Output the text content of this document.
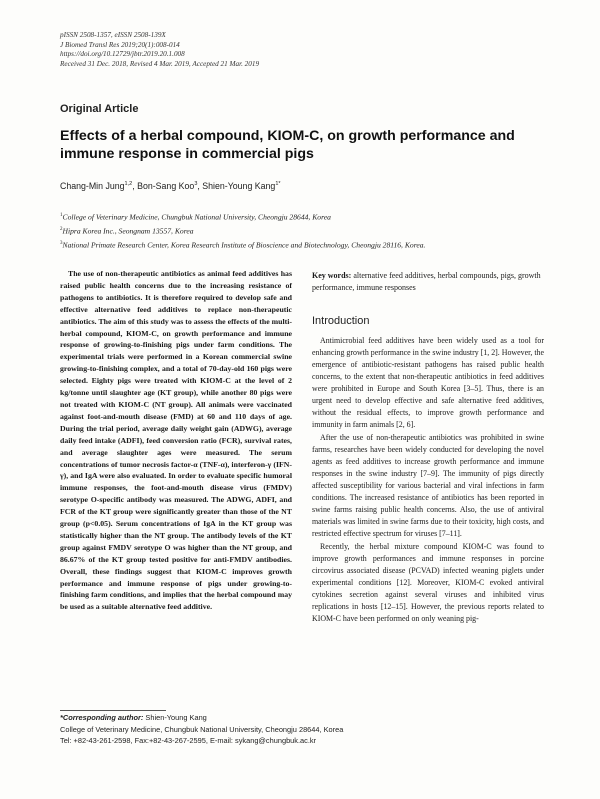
pISSN 2508-1357, eISSN 2508-139X
J Biomed Transl Res 2019;20(1):008-014
https://doi.org/10.12729/jbtr.2019.20.1.008
Received 31 Dec. 2018, Revised 4 Mar. 2019, Accepted 21 Mar. 2019
Original Article
Effects of a herbal compound, KIOM-C, on growth performance and immune response in commercial pigs
Chang-Min Jung$^{1,2}$, Bon-Sang Koo$^3$, Shien-Young Kang$^{1*}$
$^1$College of Veterinary Medicine, Chungbuk National University, Cheongju 28644, Korea
$^2$Hipra Korea Inc., Seongnam 13557, Korea
$^3$National Primate Research Center, Korea Research Institute of Bioscience and Biotechnology, Cheongju 28116, Korea.

The use of non-therapeutic antibiotics as animal feed additives has raised public health concerns due to the increasing resistance of pathogens to antibiotics. It is therefore required to develop safe and effective alternative feed additives to replace non-therapeutic antibiotics. The aim of this study was to assess the effects of the multi-herbal compound, KIOM-C, on growth performance and immune response of growing-to-finishing pigs under farm conditions. The experimental trials were performed in a Korean commercial swine growing-to-finishing complex, and a total of 70-day-old 160 pigs were selected. Eighty pigs were treated with KIOM-C at the level of 2 kg/tonne until slaughter age (KT group), while another 80 pigs were not treated with KIOM-C (NT group). All animals were vaccinated against foot-and-mouth disease (FMD) at 60 and 110 days of age. During the trial period, average daily weight gain (ADWG), average daily feed intake (ADFI), feed conversion ratio (FCR), survival rates, and average slaughter ages were measured. The serum concentrations of tumor necrosis factor-α (TNF-α), interferon-γ (IFN-γ), and IgA were also evaluated. In order to evaluate specific humoral immune responses, the foot-and-mouth disease virus (FMDV) serotype O-specific antibody was measured. The ADWG, ADFI, and FCR of the KT group were significantly greater than those of the NT group (p<0.05). Serum concentrations of IgA in the KT group was statistically higher than the NT group. The antibody levels of the KT group against FMDV serotype O was higher than the NT group, and 86.67% of the KT group tested positive for anti-FMDV antibodies. Overall, these findings suggest that KIOM-C improves growth performance and immune response of pigs under growing-to-finishing farm conditions, and implies that the herbal compound may be used as a suitable alternative feed additive.

Key words: alternative feed additives, herbal compounds, pigs, growth performance, immune responses
Introduction

Antimicrobial feed additives have been widely used as a tool for enhancing growth performance in the swine industry [1, 2]. However, the emergence of antibiotic-resistant pathogens has raised public health concerns, to the extent that non-therapeutic antibiotics in feed additives were prohibited in Europe and South Korea [3–5]. Thus, there is an urgent need to develop effective and safe alternative feed additives, without the residual effects, to improve growth performance and immunity in farm animals [2, 6].

After the use of non-therapeutic antibiotics was prohibited in swine farms, researches have been widely conducted for developing the novel agents as feed additives to increase growth performance and immune responses in the swine industry [7–9]. The immunity of pigs directly affected susceptibility for various bacterial and viral infections in farm conditions. The increased resistance of antibiotics has been reported in swine farms raising public health concerns. Also, the use of antiviral materials was limited in swine farms due to their toxicity, high costs, and restricted effective spectrum for viruses [7–11].

Recently, the herbal mixture compound KIOM-C was found to improve growth performances and immune responses in porcine circovirus associated disease (PCVAD) infected weaning piglets under experimental conditions [12]. Moreover, KIOM-C evoked antiviral cytokines secretion against several viruses and inhibited virus replications in hosts [12–15]. However, the previous reports related to KIOM-C have been performed on only weaning pig-

*Corresponding author: Shien-Young Kang
College of Veterinary Medicine, Chungbuk National University, Cheongju 28644, Korea
Tel: +82-43-261-2598, Fax:+82-43-267-2595, E-mail: sykang@chungbuk.ac.kr
